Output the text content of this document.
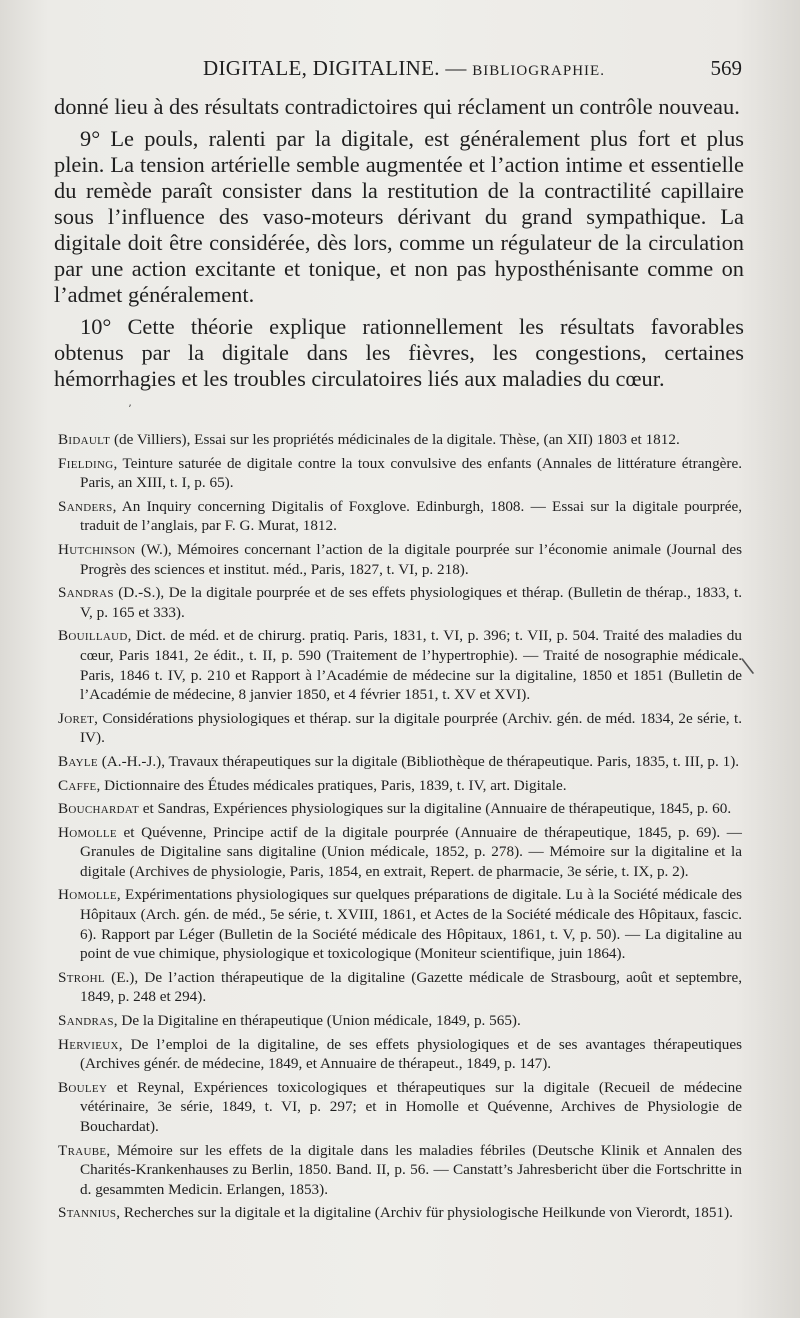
DIGITALE, DIGITALINE. — BIBLIOGRAPHIE.	569

donné lieu à des résultats contradictoires qui réclament un contrôle nouveau.

9° Le pouls, ralenti par la digitale, est généralement plus fort et plus plein. La tension artérielle semble augmentée et l’action intime et essentielle du remède paraît consister dans la restitution de la contractilité capillaire sous l’influence des vaso-moteurs dérivant du grand sympathique. La digitale doit être considérée, dès lors, comme un régulateur de la circulation par une action excitante et tonique, et non pas hyposthénisante comme on l’admet généralement.

10° Cette théorie explique rationnellement les résultats favorables obtenus par la digitale dans les fièvres, les congestions, certaines hémorrhagies et les troubles circulatoires liés aux maladies du cœur.

ʼ
\

Bidault (de Villiers), Essai sur les propriétés médicinales de la digitale. Thèse, (an XII) 1803 et 1812.

Fielding, Teinture saturée de digitale contre la toux convulsive des enfants (Annales de littérature étrangère. Paris, an XIII, t. I, p. 65).

Sanders, An Inquiry concerning Digitalis of Foxglove. Edinburgh, 1808. — Essai sur la digitale pourprée, traduit de l’anglais, par F. G. Murat, 1812.

Hutchinson (W.), Mémoires concernant l’action de la digitale pourprée sur l’économie animale (Journal des Progrès des sciences et institut. méd., Paris, 1827, t. VI, p. 218).

Sandras (D.-S.), De la digitale pourprée et de ses effets physiologiques et thérap. (Bulletin de thérap., 1833, t. V, p. 165 et 333).

Bouillaud, Dict. de méd. et de chirurg. pratiq. Paris, 1831, t. VI, p. 396; t. VII, p. 504. Traité des maladies du cœur, Paris 1841, 2e édit., t. II, p. 590 (Traitement de l’hypertrophie). — Traité de nosographie médicale. Paris, 1846 t. IV, p. 210 et Rapport à l’Académie de médecine sur la digitaline, 1850 et 1851 (Bulletin de l’Académie de médecine, 8 janvier 1850, et 4 février 1851, t. XV et XVI).

Joret, Considérations physiologiques et thérap. sur la digitale pourprée (Archiv. gén. de méd. 1834, 2e série, t. IV).

Bayle (A.-H.-J.), Travaux thérapeutiques sur la digitale (Bibliothèque de thérapeutique. Paris, 1835, t. III, p. 1).

Caffe, Dictionnaire des Études médicales pratiques, Paris, 1839, t. IV, art. Digitale.

Bouchardat et Sandras, Expériences physiologiques sur la digitaline (Annuaire de thérapeutique, 1845, p. 60.

Homolle et Quévenne, Principe actif de la digitale pourprée (Annuaire de thérapeutique, 1845, p. 69). — Granules de Digitaline sans digitaline (Union médicale, 1852, p. 278). — Mémoire sur la digitaline et la digitale (Archives de physiologie, Paris, 1854, en extrait, Repert. de pharmacie, 3e série, t. IX, p. 2).

Homolle, Expérimentations physiologiques sur quelques préparations de digitale. Lu à la Société médicale des Hôpitaux (Arch. gén. de méd., 5e série, t. XVIII, 1861, et Actes de la Société médicale des Hôpitaux, fascic. 6). Rapport par Léger (Bulletin de la Société médicale des Hôpitaux, 1861, t. V, p. 50). — La digitaline au point de vue chimique, physiologique et toxicologique (Moniteur scientifique, juin 1864).

Strohl (E.), De l’action thérapeutique de la digitaline (Gazette médicale de Strasbourg, août et septembre, 1849, p. 248 et 294).

Sandras, De la Digitaline en thérapeutique (Union médicale, 1849, p. 565).

Hervieux, De l’emploi de la digitaline, de ses effets physiologiques et de ses avantages thérapeutiques (Archives génér. de médecine, 1849, et Annuaire de thérapeut., 1849, p. 147).

Bouley et Reynal, Expériences toxicologiques et thérapeutiques sur la digitale (Recueil de médecine vétérinaire, 3e série, 1849, t. VI, p. 297; et in Homolle et Quévenne, Archives de Physiologie de Bouchardat).

Traube, Mémoire sur les effets de la digitale dans les maladies fébriles (Deutsche Klinik et Annalen des Charités-Krankenhauses zu Berlin, 1850. Band. II, p. 56. — Canstatt’s Jahresbericht über die Fortschritte in d. gesammten Medicin. Erlangen, 1853).

Stannius, Recherches sur la digitale et la digitaline (Archiv für physiologische Heilkunde von Vierordt, 1851).
